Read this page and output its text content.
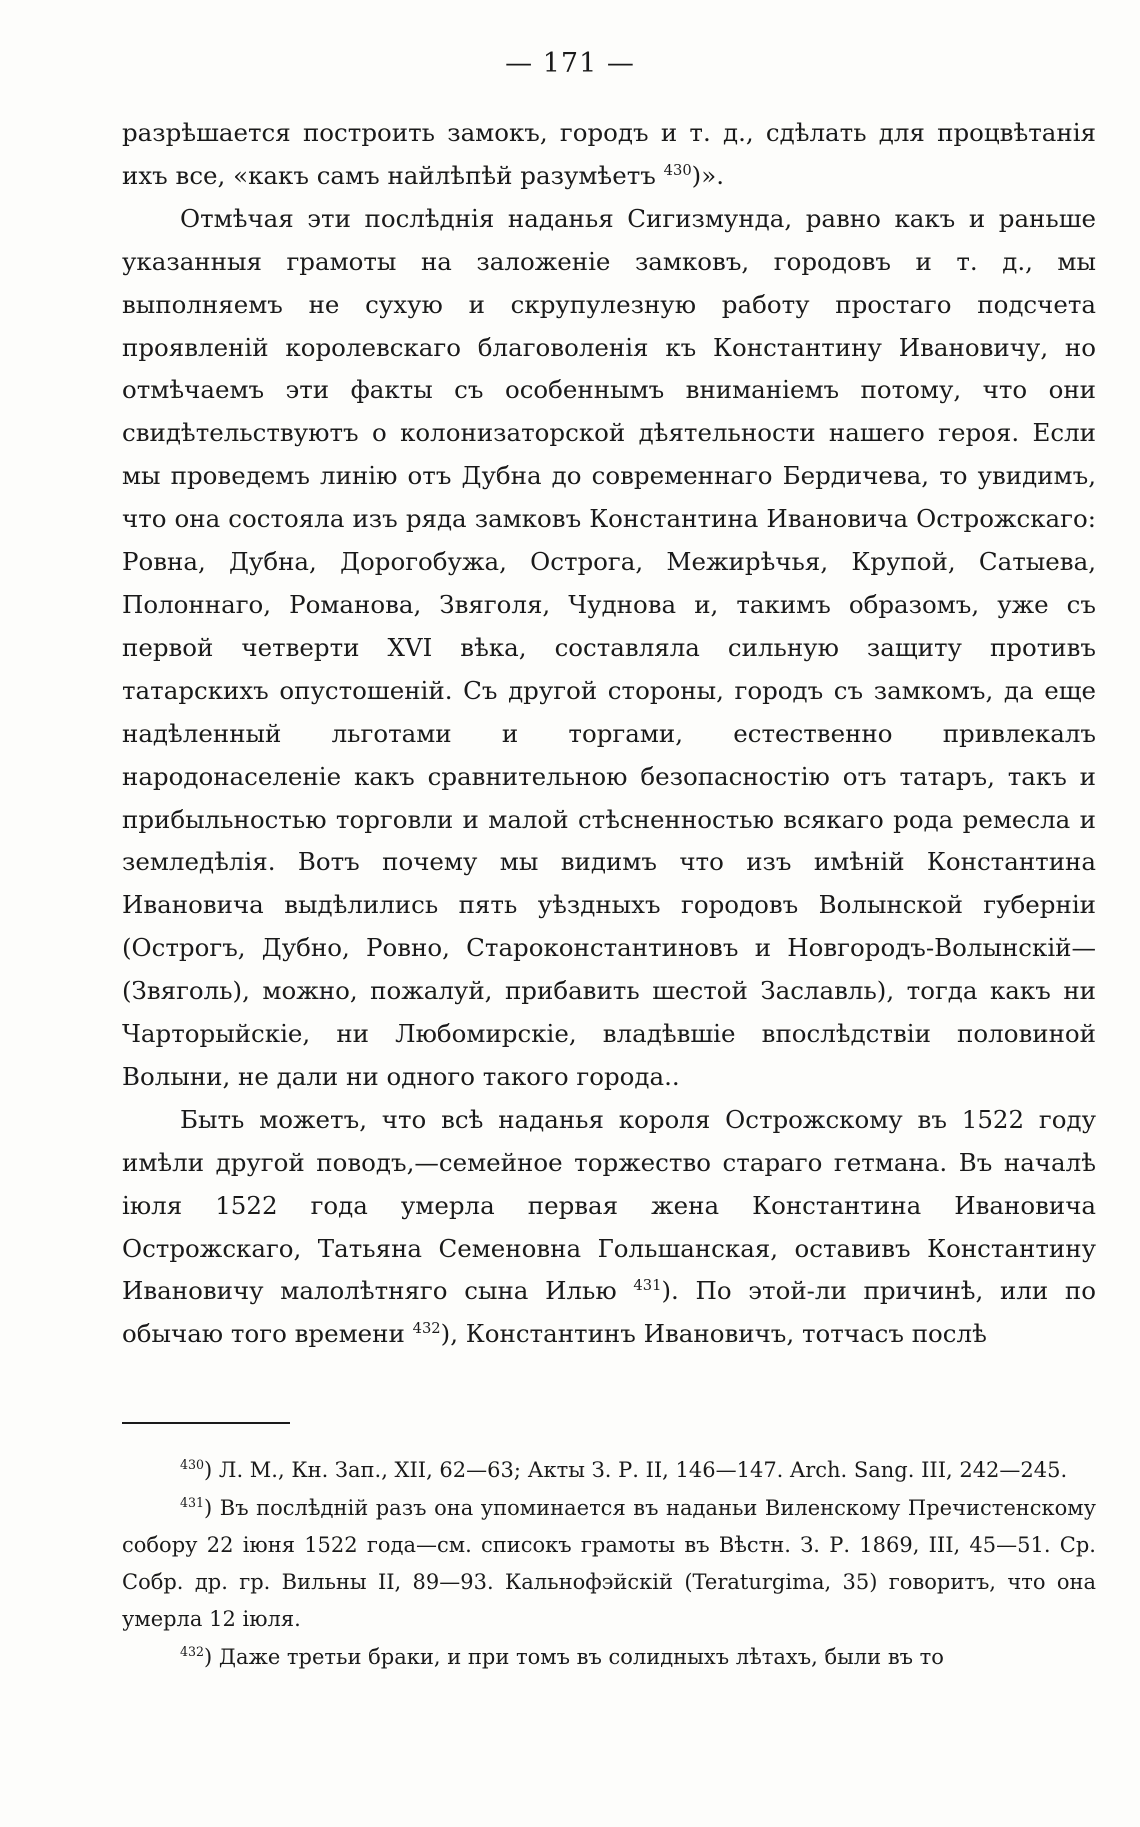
— 171 —

разрѣшается построить замокъ, городъ и т. д., сдѣлать для процвѣтанія ихъ все, «какъ самъ найлѣпѣй разумѣетъ $^{430}$)».

Отмѣчая эти послѣднія наданья Сигизмунда, равно какъ и раньше указанныя грамоты на заложеніе замковъ, городовъ и т. д., мы выполняемъ не сухую и скрупулезную работу простаго подсчета проявленій королевскаго благоволенія къ Константину Ивановичу, но отмѣчаемъ эти факты съ особеннымъ вниманіемъ потому, что они свидѣтельствуютъ о колонизаторской дѣятельности нашего героя. Если мы проведемъ линію отъ Дубна до современнаго Бердичева, то увидимъ, что она состояла изъ ряда замковъ Константина Ивановича Острожскаго: Ровна, Дубна, Дорогобужа, Острога, Межирѣчья, Крупой, Сатыева, Полоннаго, Романова, Звяголя, Чуднова и, такимъ образомъ, уже съ первой четверти XVI вѣка, составляла сильную защиту противъ татарскихъ опустошеній. Съ другой стороны, городъ съ замкомъ, да еще надѣленный льготами и торгами, естественно привлекалъ народонаселеніе какъ сравнительною безопасностію отъ татаръ, такъ и прибыльностью торговли и малой стѣсненностью всякаго рода ремесла и земледѣлія. Вотъ почему мы видимъ что изъ имѣній Константина Ивановича выдѣлились пять уѣздныхъ городовъ Волынской губерніи (Острогъ, Дубно, Ровно, Староконстантиновъ и Новгородъ-Волынскій—(Звяголь), можно, пожалуй, прибавить шестой Заславль), тогда какъ ни Чарторыйскіе, ни Любомирскіе, владѣвшіе впослѣдствіи половиной Волыни, не дали ни одного такого города..

Быть можетъ, что всѣ наданья короля Острожскому въ 1522 году имѣли другой поводъ,—семейное торжество стараго гетмана. Въ началѣ іюля 1522 года умерла первая жена Константина Ивановича Острожскаго, Татьяна Семеновна Гольшанская, оставивъ Константину Ивановичу малолѣтняго сына Илью $^{431}$). По этой-ли причинѣ, или по обычаю того времени $^{432}$), Константинъ Ивановичъ, тотчасъ послѣ

$^{430}$) Л. М., Кн. Зап., XII, 62—63; Акты З. Р. II, 146—147. Arch. Sang. III, 242—245.

$^{431}$) Въ послѣдній разъ она упоминается въ наданьи Виленскому Пречистенскому собору 22 іюня 1522 года—см. списокъ грамоты въ Вѣстн. З. Р. 1869, III, 45—51. Ср. Собр. др. гр. Вильны II, 89—93. Кальнофэйскій (Teraturgima, 35) говоритъ, что она умерла 12 іюля.

$^{432}$) Даже третьи браки, и при томъ въ солидныхъ лѣтахъ, были въ то
